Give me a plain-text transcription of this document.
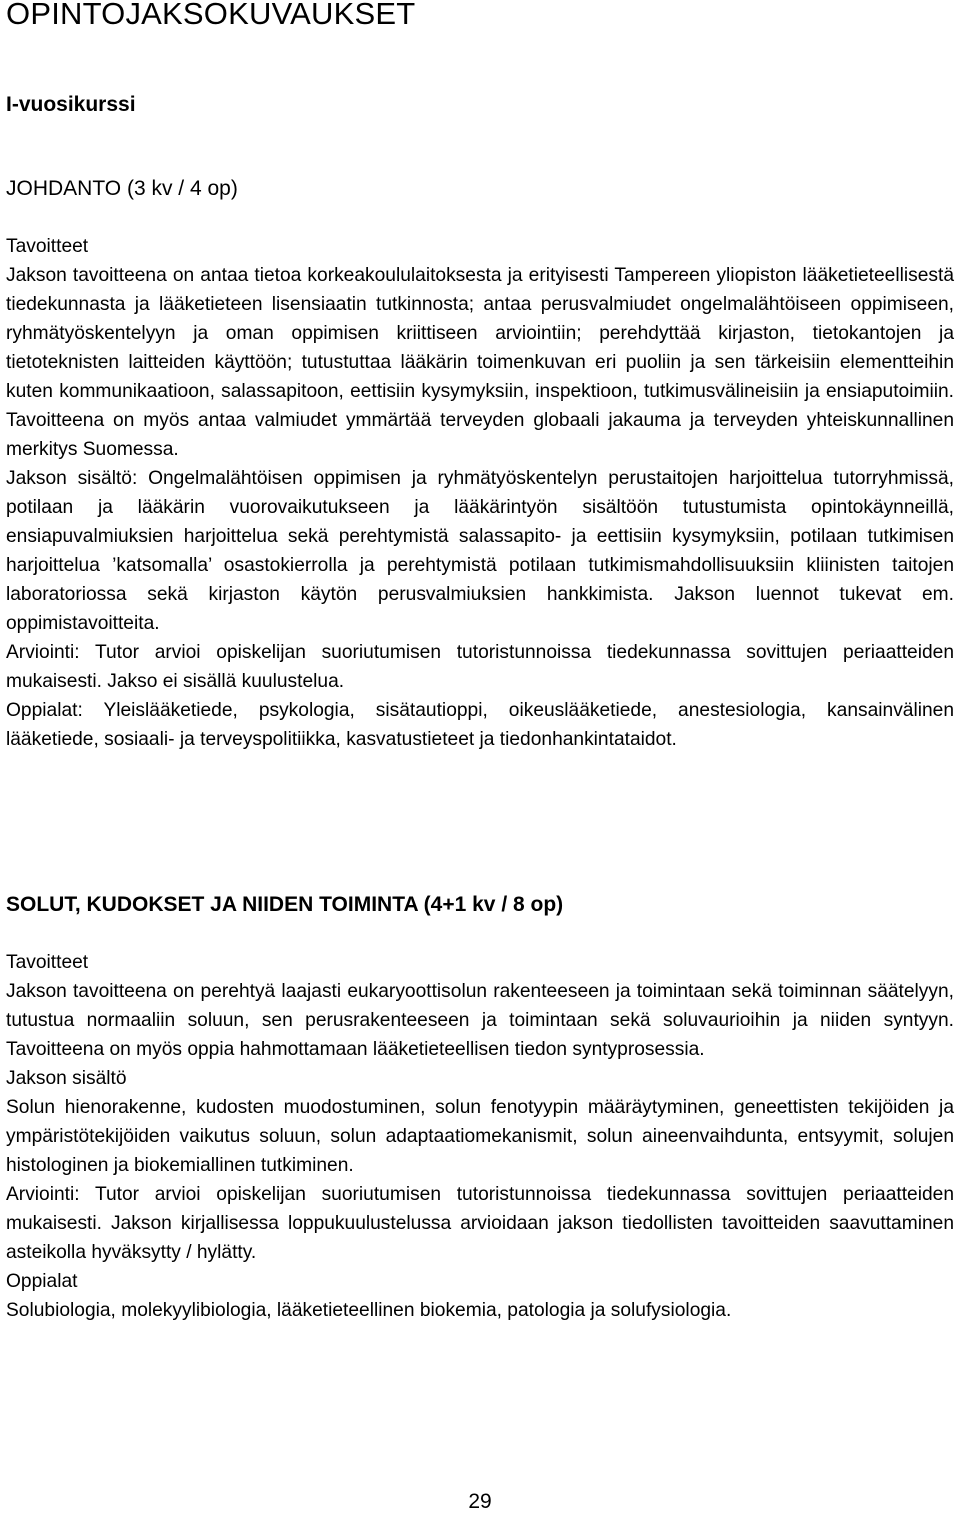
OPINTOJAKSOKUVAUKSET
I-vuosikurssi
JOHDANTO (3 kv / 4 op)
Tavoitteet

Jakson tavoitteena on antaa tietoa korkeakoululaitoksesta ja erityisesti Tampereen yliopiston lääketieteellisestä tiedekunnasta ja lääketieteen lisensiaatin tutkinnosta; antaa perusvalmiudet ongelmalähtöiseen oppimiseen, ryhmätyöskentelyyn ja oman oppimisen kriittiseen arviointiin; perehdyttää kirjaston, tietokantojen ja tietoteknisten laitteiden käyttöön; tutustuttaa lääkärin toimenkuvan eri puoliin ja sen tärkeisiin elementteihin kuten kommunikaatioon, salassapitoon, eettisiin kysymyksiin, inspektioon, tutkimusvälineisiin ja ensiaputoimiin. Tavoitteena on myös antaa valmiudet ymmärtää terveyden globaali jakauma ja terveyden yhteiskunnallinen merkitys Suomessa.

Jakson sisältö: Ongelmalähtöisen oppimisen ja ryhmätyöskentelyn perustaitojen harjoittelua tutorryhmissä, potilaan ja lääkärin vuorovaikutukseen ja lääkärintyön sisältöön tutustumista opintokäynneillä, ensiapuvalmiuksien harjoittelua sekä perehtymistä salassapito- ja eettisiin kysymyksiin, potilaan tutkimisen harjoittelua ’katsomalla’ osastokierrolla ja perehtymistä potilaan tutkimismahdollisuuksiin kliinisten taitojen laboratoriossa sekä kirjaston käytön perusvalmiuksien hankkimista. Jakson luennot tukevat em. oppimistavoitteita.

Arviointi: Tutor arvioi opiskelijan suoriutumisen tutoristunnoissa tiedekunnassa sovittujen periaatteiden mukaisesti. Jakso ei sisällä kuulustelua.

Oppialat: Yleislääketiede, psykologia, sisätautioppi, oikeuslääketiede, anestesiologia, kansainvälinen lääketiede, sosiaali- ja terveyspolitiikka, kasvatustieteet ja tiedonhankintataidot.

SOLUT, KUDOKSET JA NIIDEN TOIMINTA (4+1 kv / 8 op)
Tavoitteet

Jakson tavoitteena on perehtyä laajasti eukaryoottisolun rakenteeseen ja toimintaan sekä toiminnan säätelyyn, tutustua normaaliin soluun, sen perusrakenteeseen ja toimintaan sekä soluvaurioihin ja niiden syntyyn. Tavoitteena on myös oppia hahmottamaan lääketieteellisen tiedon syntyprosessia.

Jakson sisältö

Solun hienorakenne, kudosten muodostuminen, solun fenotyypin määräytyminen, geneettisten tekijöiden ja ympäristötekijöiden vaikutus soluun, solun adaptaatiomekanismit, solun aineenvaihdunta, entsyymit, solujen histologinen ja biokemiallinen tutkiminen.

Arviointi: Tutor arvioi opiskelijan suoriutumisen tutoristunnoissa tiedekunnassa sovittujen periaatteiden mukaisesti. Jakson kirjallisessa loppukuulustelussa arvioidaan jakson tiedollisten tavoitteiden saavuttaminen asteikolla hyväksytty / hylätty.

Oppialat

Solubiologia, molekyylibiologia, lääketieteellinen biokemia, patologia ja solufysiologia.

29
